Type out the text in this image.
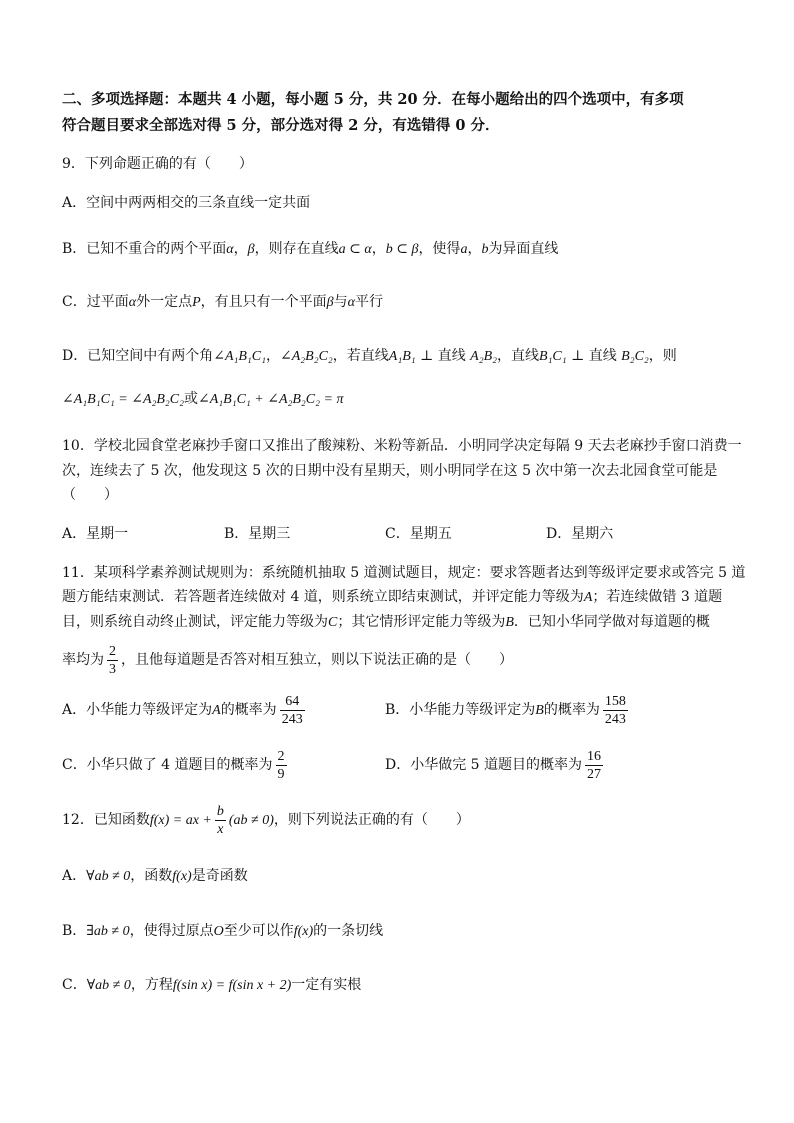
二、多项选择题：本题共 4 小题，每小题 5 分，共 20 分．在每小题给出的四个选项中，有多项
符合题目要求全部选对得 5 分，部分选对得 2 分，有选错得 0 分．
9．下列命题正确的有（　　）
A．空间中两两相交的三条直线一定共面
B．已知不重合的两个平面α，β，则存在直线a ⊂ α，b ⊂ β，使得a，b为异面直线
C．过平面α外一定点P，有且只有一个平面β与α平行
D．已知空间中有两个角∠A₁B₁C₁，∠A₂B₂C₂，若直线A₁B₁ ⊥ 直线 A₂B₂，直线B₁C₁ ⊥ 直线 B₂C₂，则
∠A₁B₁C₁ = ∠A₂B₂C₂或∠A₁B₁C₁ + ∠A₂B₂C₂ = π
10．学校北园食堂老麻抄手窗口又推出了酸辣粉、米粉等新品．小明同学决定每隔 9 天去老麻抄手窗口消费一
次，连续去了 5 次，他发现这 5 次的日期中没有星期天，则小明同学在这 5 次中第一次去北园食堂可能是
（　　）
A．星期一	B．星期三	C．星期五	D．星期六
11．某项科学素养测试规则为：系统随机抽取 5 道测试题目，规定：要求答题者达到等级评定要求或答完 5 道
题方能结束测试．若答题者连续做对 4 道，则系统立即结束测试，并评定能力等级为A；若连续做错 3 道题
目，则系统自动终止测试，评定能力等级为C；其它情形评定能力等级为B．已知小华同学做对每道题的概
率均为 $\frac{2}{3}$ ，且他每道题是否答对相互独立，则以下说法正确的是（　　）
A．小华能力等级评定为A的概率为 $\frac{64}{243}$	B．小华能力等级评定为B的概率为 $\frac{158}{243}$
C．小华只做了 4 道题目的概率为 $\frac{2}{9}$	D．小华做完 5 道题目的概率为 $\frac{16}{27}$
12．已知函数f(x) = ax + $\frac{b}{x} (ab \ne 0)$，则下列说法正确的有（　　）
A．∀ab ≠ 0，函数f(x)是奇函数
B．∃ab ≠ 0，使得过原点O至少可以作f(x)的一条切线
C．∀ab ≠ 0，方程f(sin x) = f(sin x + 2)一定有实根
